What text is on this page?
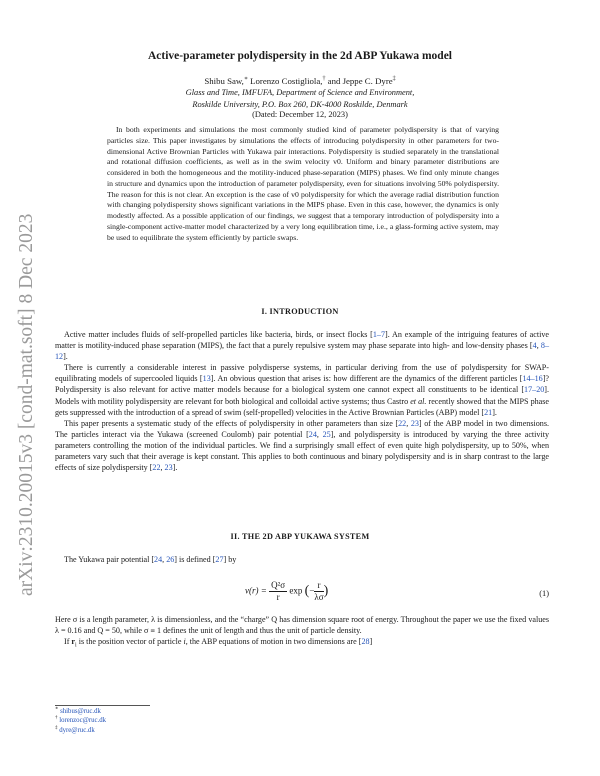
arXiv:2310.20015v3 [cond-mat.soft] 8 Dec 2023
Active-parameter polydispersity in the 2d ABP Yukawa model
Shibu Saw,∗ Lorenzo Costigliola,† and Jeppe C. Dyre‡
Glass and Time, IMFUFA, Department of Science and Environment,
Roskilde University, P.O. Box 260, DK-4000 Roskilde, Denmark
(Dated: December 12, 2023)
In both experiments and simulations the most commonly studied kind of parameter polydispersity is that of varying particles size. This paper investigates by simulations the effects of introducing polydispersity in other parameters for two-dimensional Active Brownian Particles with Yukawa pair interactions. Polydispersity is studied separately in the translational and rotational diffusion coefficients, as well as in the swim velocity v0. Uniform and binary parameter distributions are considered in both the homogeneous and the motility-induced phase-separation (MIPS) phases. We find only minute changes in structure and dynamics upon the introduction of parameter polydispersity, even for situations involving 50% polydispersity. The reason for this is not clear. An exception is the case of v0 polydispersity for which the average radial distribution function with changing polydispersity shows significant variations in the MIPS phase. Even in this case, however, the dynamics is only modestly affected. As a possible application of our findings, we suggest that a temporary introduction of polydispersity into a single-component active-matter model characterized by a very long equilibration time, i.e., a glass-forming active system, may be used to equilibrate the system efficiently by particle swaps.
I. INTRODUCTION

Active matter includes fluids of self-propelled particles like bacteria, birds, or insect flocks [1–7]. An example of the intriguing features of active matter is motility-induced phase separation (MIPS), the fact that a purely repulsive system may phase separate into high- and low-density phases [4, 8–12].

There is currently a considerable interest in passive polydisperse systems, in particular deriving from the use of polydispersity for SWAP-equilibrating models of supercooled liquids [13]. An obvious question that arises is: how different are the dynamics of the different particles [14–16]? Polydispersity is also relevant for active matter models because for a biological system one cannot expect all constituents to be identical [17–20]. Models with motility polydispersity are relevant for both biological and colloidal active systems; thus Castro et al. recently showed that the MIPS phase gets suppressed with the introduction of a spread of swim (self-propelled) velocities in the Active Brownian Particles (ABP) model [21].

This paper presents a systematic study of the effects of polydispersity in other parameters than size [22, 23] of the ABP model in two dimensions. The particles interact via the Yukawa (screened Coulomb) pair potential [24, 25], and polydispersity is introduced by varying the three activity parameters controlling the motion of the individual particles. We find a surprisingly small effect of even quite high polydispersity, up to 50%, when parameters vary such that their average is kept constant. This applies to both continuous and binary polydispersity and is in sharp contrast to the large effects of size polydispersity [22, 23].

II. THE 2D ABP YUKAWA SYSTEM

The Yukawa pair potential [24, 26] is defined [27] by

$v(r) = \frac{\text{Q²σ}}{r}$ exp (− $\frac{r}{\lambda\sigma}$ )	(1)

Here σ is a length parameter, λ is dimensionless, and the “charge” Q has dimension square root of energy. Throughout the paper we use the fixed values λ = 0.16 and Q = 50, while σ ≡ 1 defines the unit of length and thus the unit of particle density.

If $r_i$ is the position vector of particle i, the ABP equations of motion in two dimensions are [28]

∗ shibus@ruc.dk
† lorenzoc@ruc.dk
‡ dyre@ruc.dk
